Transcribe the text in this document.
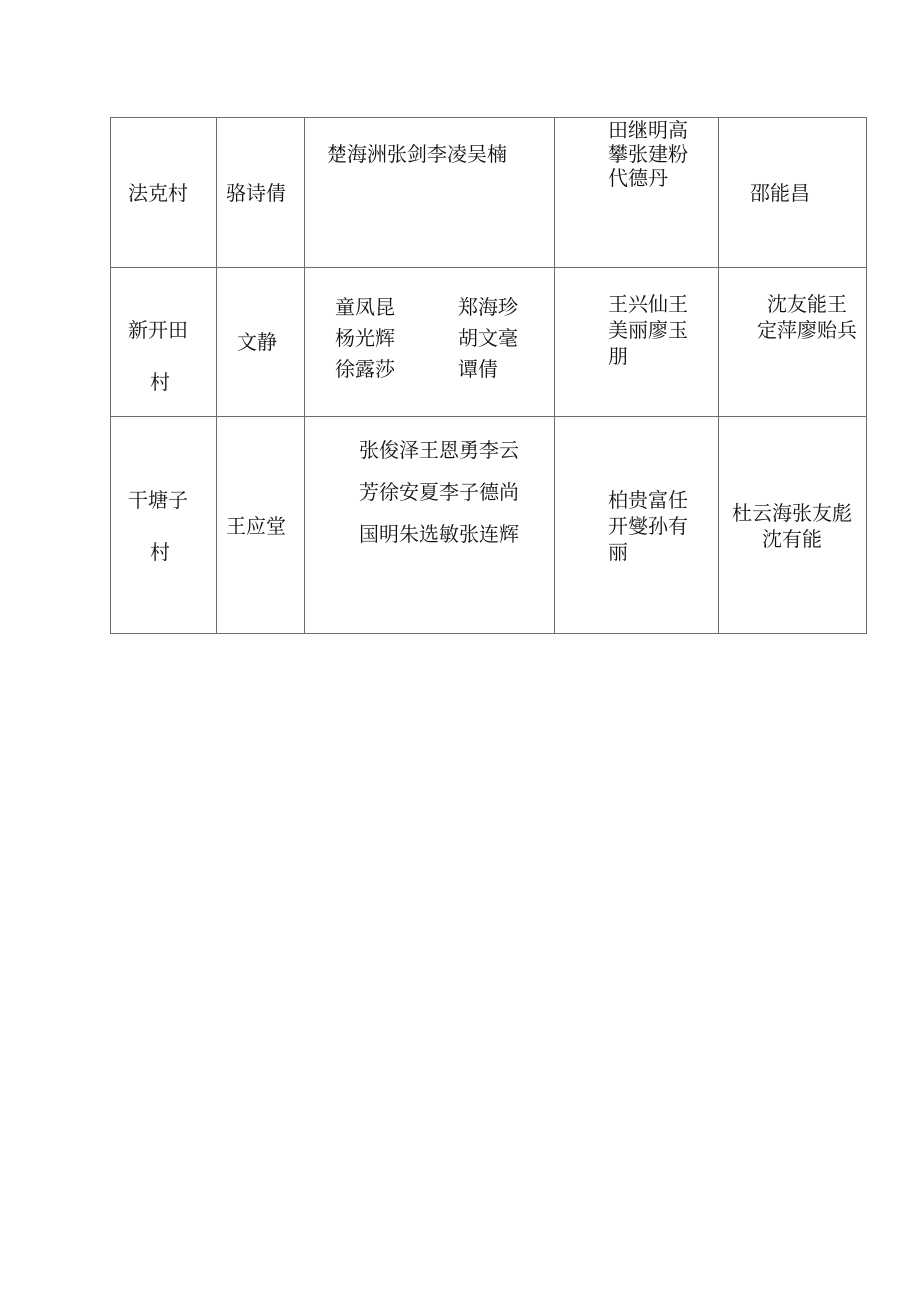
法克村 骆诗倩
楚海洲张剑李凌吴楠
田继明高
攀张建粉
代德丹
邵能昌
新开田
村
文静
童凤昆
杨光辉
徐露莎
郑海珍
胡文毫
谭倩
王兴仙王
美丽廖玉
朋
沈友能王
定萍廖贻兵
干塘子
村
王应堂
张俊泽王恩勇李云
芳徐安夏李子德尚
国明朱选敏张连辉
柏贵富任
开燮孙有
丽
杜云海张友彪
沈有能
